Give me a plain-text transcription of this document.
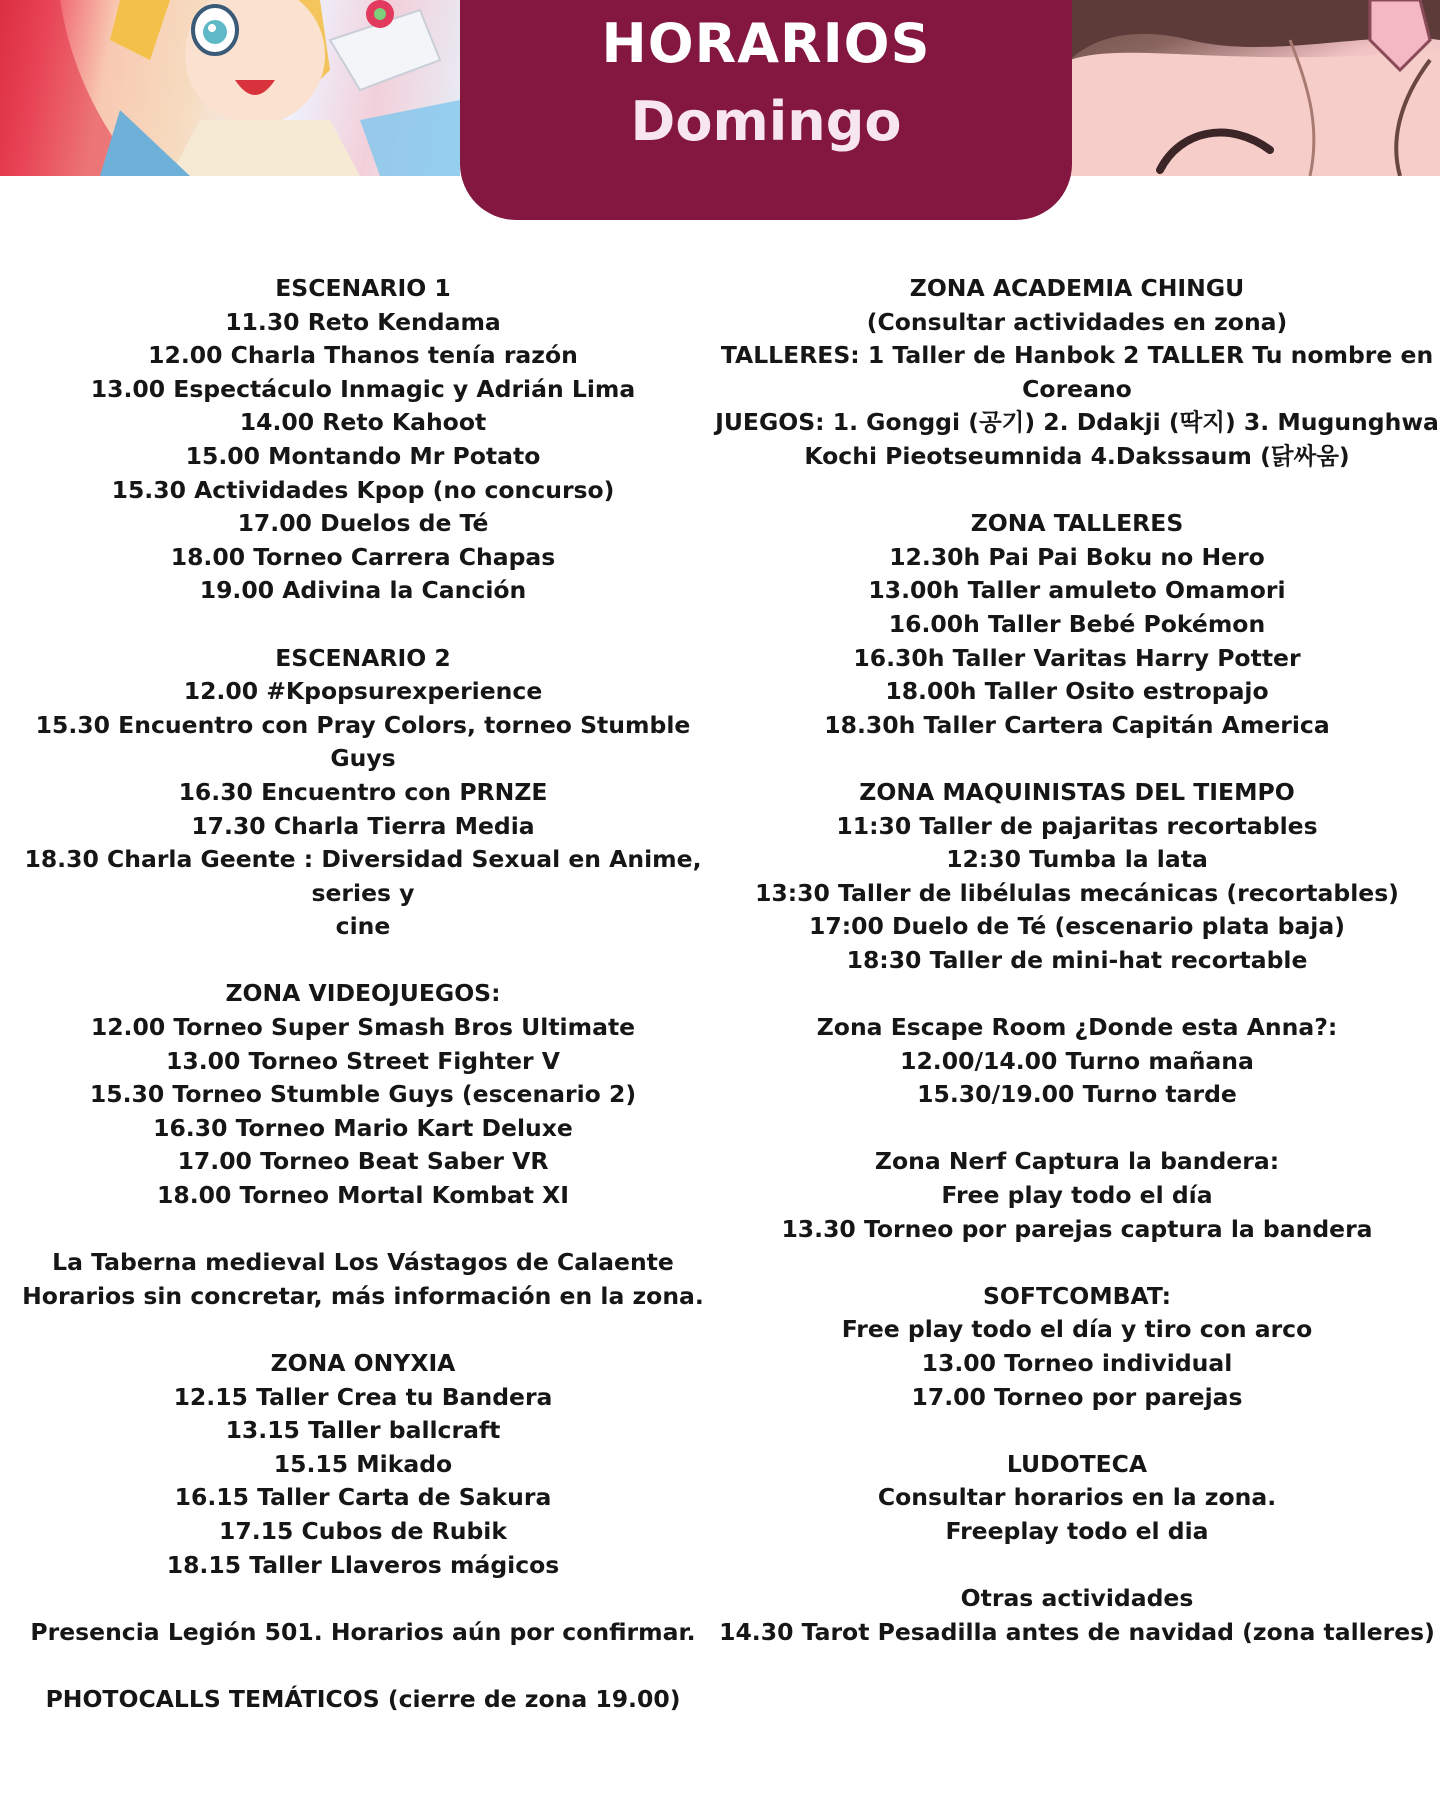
HORARIOS
Domingo
ESCENARIO 1
11.30 Reto Kendama
12.00 Charla Thanos tenía razón
13.00 Espectáculo Inmagic y Adrián Lima
14.00 Reto Kahoot
15.00 Montando Mr Potato
15.30 Actividades Kpop (no concurso)
17.00 Duelos de Té
18.00 Torneo Carrera Chapas
19.00 Adivina la Canción
ESCENARIO 2
12.00 #Kpopsurexperience
15.30 Encuentro con Pray Colors, torneo Stumble Guys
16.30 Encuentro con PRNZE
17.30 Charla Tierra Media
18.30 Charla Geente : Diversidad Sexual en Anime, series y
cine
ZONA VIDEOJUEGOS:
12.00 Torneo Super Smash Bros Ultimate
13.00 Torneo Street Fighter V
15.30 Torneo Stumble Guys (escenario 2)
16.30 Torneo Mario Kart Deluxe
17.00 Torneo Beat Saber VR
18.00 Torneo Mortal Kombat XI
La Taberna medieval Los Vástagos de Calaente
Horarios sin concretar, más información en la zona.
ZONA ONYXIA
12.15 Taller Crea tu Bandera
13.15 Taller ballcraft
15.15 Mikado
16.15 Taller Carta de Sakura
17.15 Cubos de Rubik
18.15 Taller Llaveros mágicos
Presencia Legión 501. Horarios aún por confirmar.
PHOTOCALLS TEMÁTICOS (cierre de zona 19.00)
ZONA ACADEMIA CHINGU
(Consultar actividades en zona)
TALLERES: 1 Taller de Hanbok 2 TALLER Tu nombre en
Coreano
JUEGOS: 1. Gonggi (공기) 2. Ddakji (딱지) 3. Mugunghwa
Kochi Pieotseumnida 4.Dakssaum (닭싸움)
ZONA TALLERES
12.30h Pai Pai Boku no Hero
13.00h Taller amuleto Omamori
16.00h Taller Bebé Pokémon
16.30h Taller Varitas Harry Potter
18.00h Taller Osito estropajo
18.30h Taller Cartera Capitán America
ZONA MAQUINISTAS DEL TIEMPO
11:30 Taller de pajaritas recortables
12:30 Tumba la lata
13:30 Taller de libélulas mecánicas (recortables)
17:00 Duelo de Té (escenario plata baja)
18:30 Taller de mini-hat recortable
Zona Escape Room ¿Donde esta Anna?:
12.00/14.00 Turno mañana
15.30/19.00 Turno tarde
Zona Nerf Captura la bandera:
Free play todo el día
13.30 Torneo por parejas captura la bandera
SOFTCOMBAT:
Free play todo el día y tiro con arco
13.00 Torneo individual
17.00 Torneo por parejas
LUDOTECA
Consultar horarios en la zona.
Freeplay todo el dia
Otras actividades
14.30 Tarot Pesadilla antes de navidad (zona talleres)
